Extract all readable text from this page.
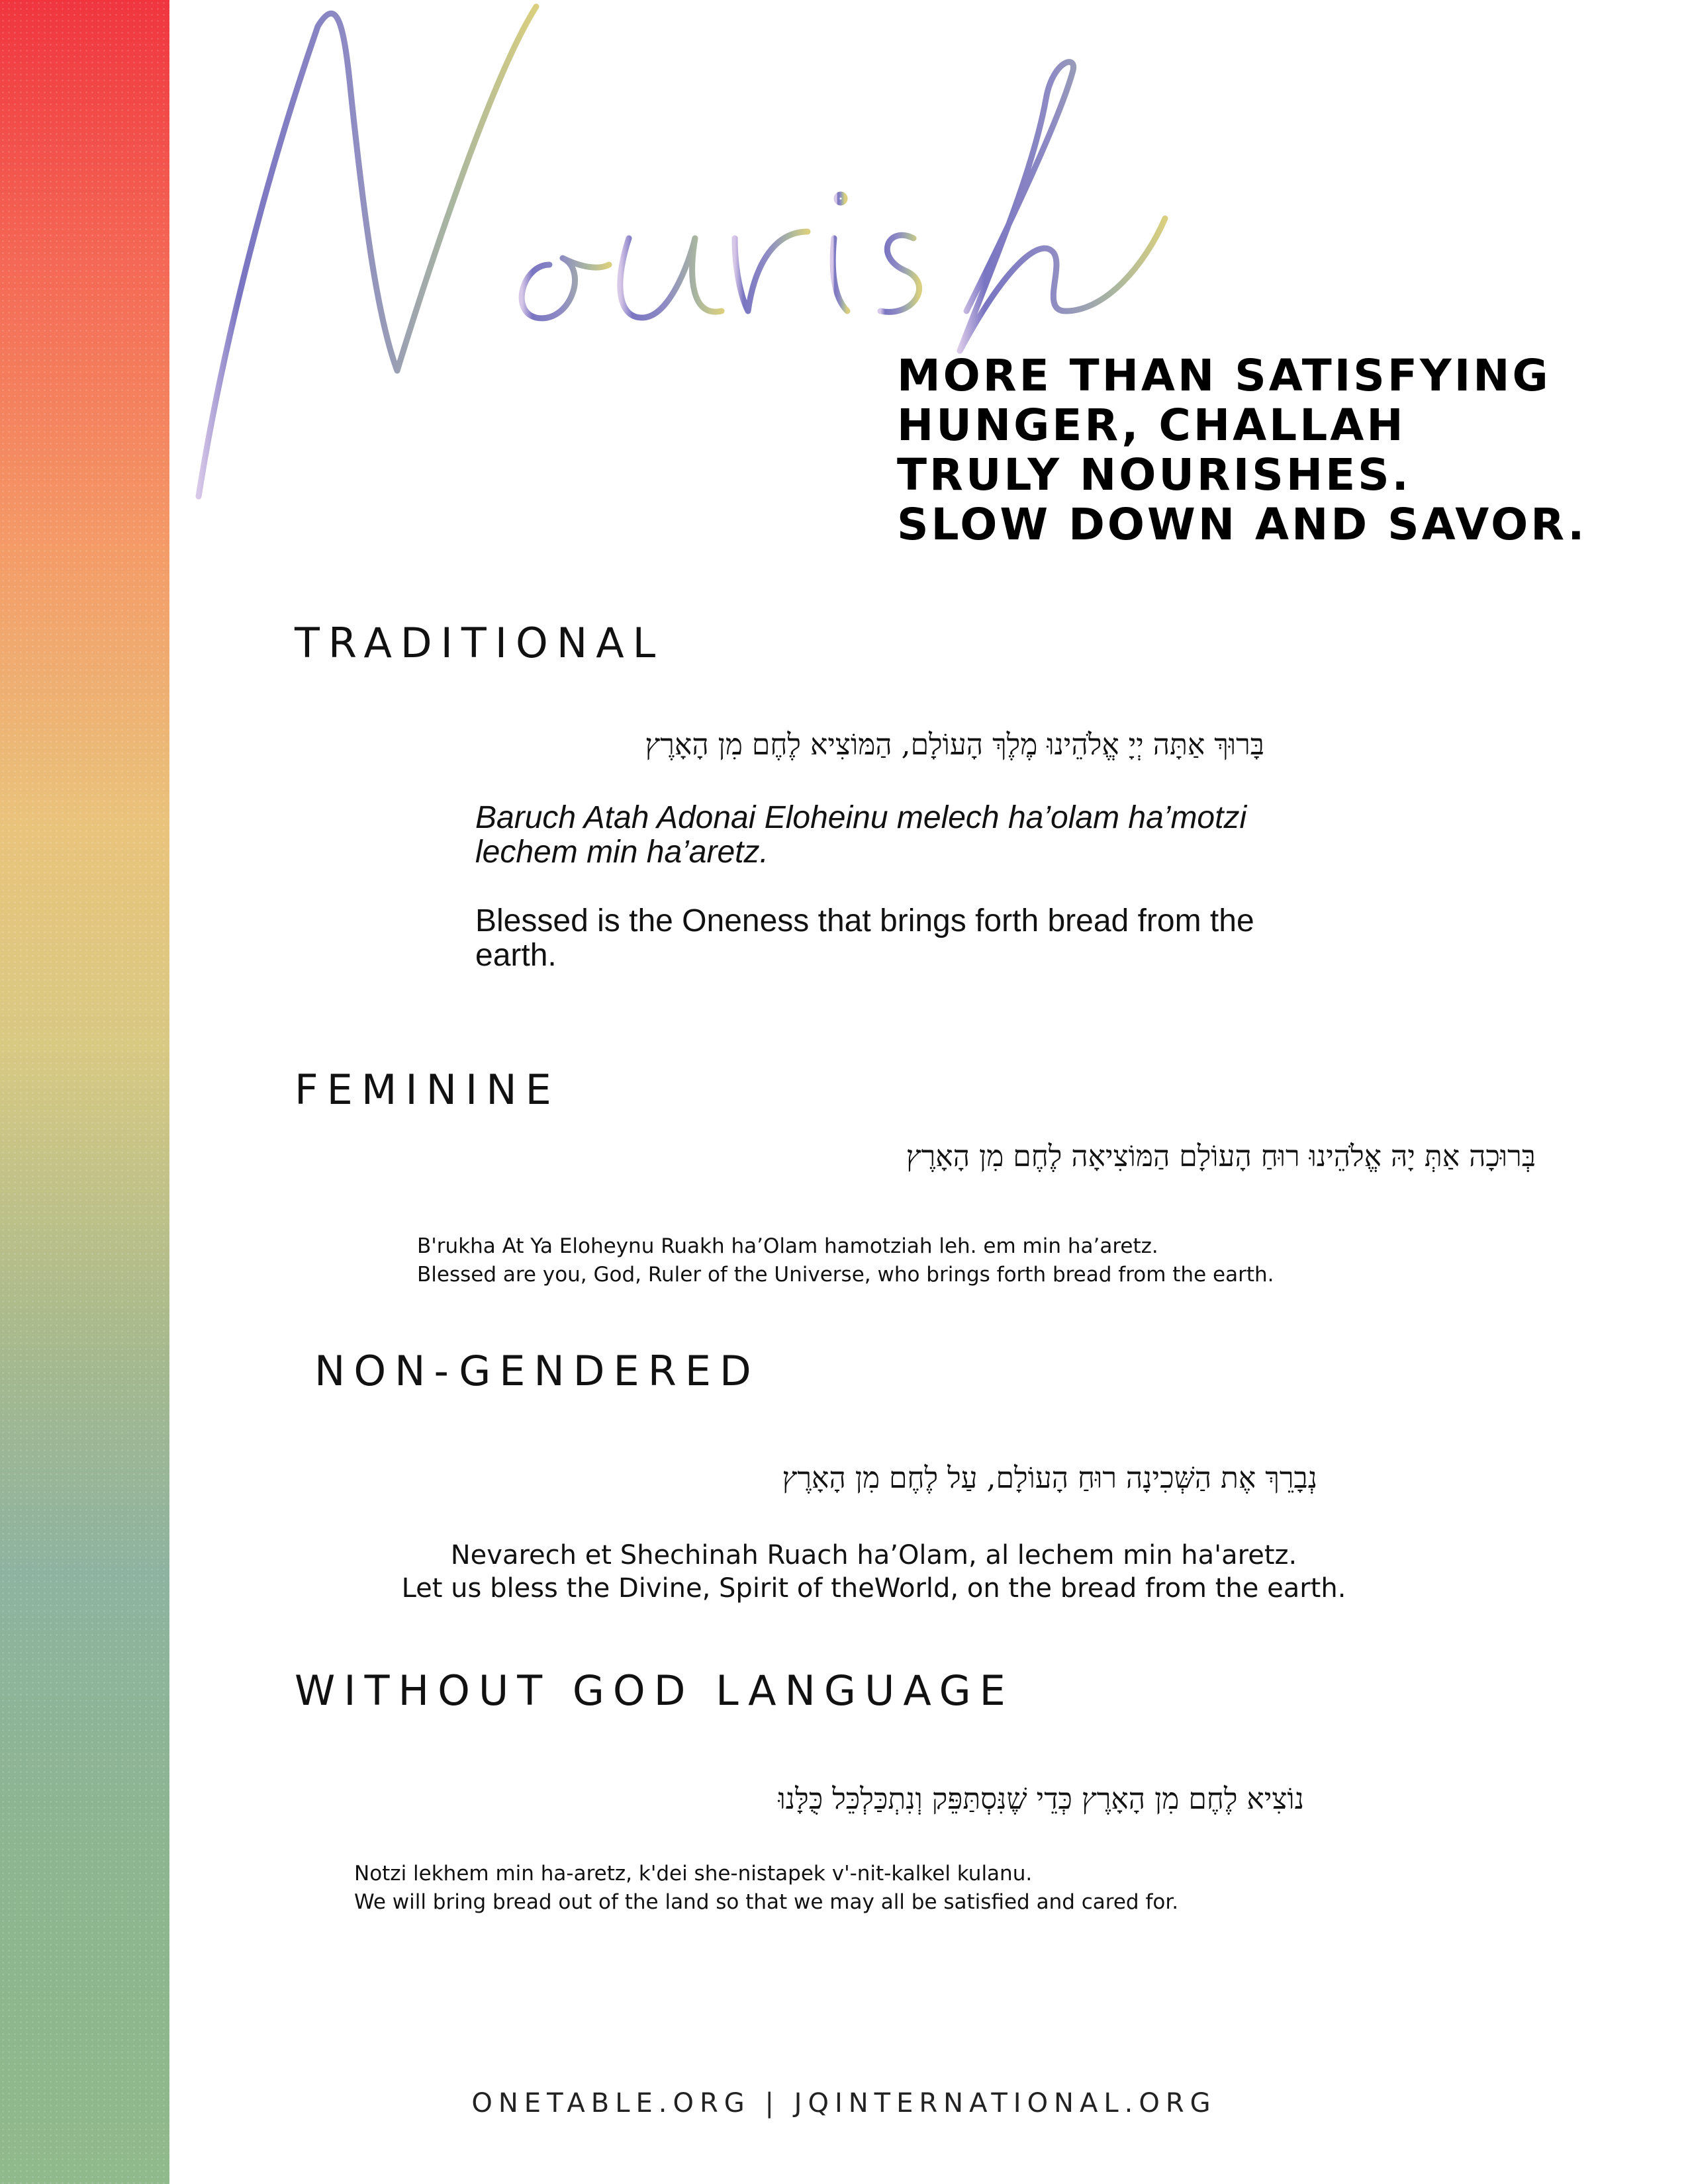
MORE THAN SATISFYING
HUNGER, CHALLAH
TRULY NOURISHES.
SLOW DOWN AND SAVOR.
TRADITIONAL
בָּרוּךְ אַתָּה יְיָ אֱלֹהֵינוּ מֶלֶךְ הָעוֹלָם, הַמּוֹצִיא לֶחֶם מִן הָאָרֶץ
Baruch Atah Adonai Eloheinu melech ha’olam ha’motzi lechem min ha’aretz.
Blessed is the Oneness that brings forth bread from the earth.
FEMININE
בְּרוּכָה אַתְּ יָהּ אֱלֹהֵינוּ רוּחַ הָעוֹלָם הַמּוֹצִיאָה לֶחֶם מִן הָאָרֶץ
B'rukha At Ya Eloheynu Ruakh ha’Olam hamotziah leh. em min ha’aretz.
Blessed are you, God, Ruler of the Universe, who brings forth bread from the earth.
NON-GENDERED
נְבָרֵךְ אֶת הַשְּׁכִינָה רוּחַ הָעוֹלָם, עַל לֶחֶם מִן הָאָרֶץ
Nevarech et Shechinah Ruach ha’Olam, al lechem min ha'aretz.
Let us bless the Divine, Spirit of theWorld, on the bread from the earth.
WITHOUT GOD LANGUAGE
נוֹצִיא לֶחֶם מִן הָאָרֶץ כְּדֵי שֶׁנִּסְתַּפֵּק וְנִתְכַּלְכֵּל כֻּלָּנוּ
Notzi lekhem min ha-aretz, k'dei she-nistapek v'-nit-kalkel kulanu.
We will bring bread out of the land so that we may all be satisfied and cared for.
ONETABLE.ORG | JQINTERNATIONAL.ORG
